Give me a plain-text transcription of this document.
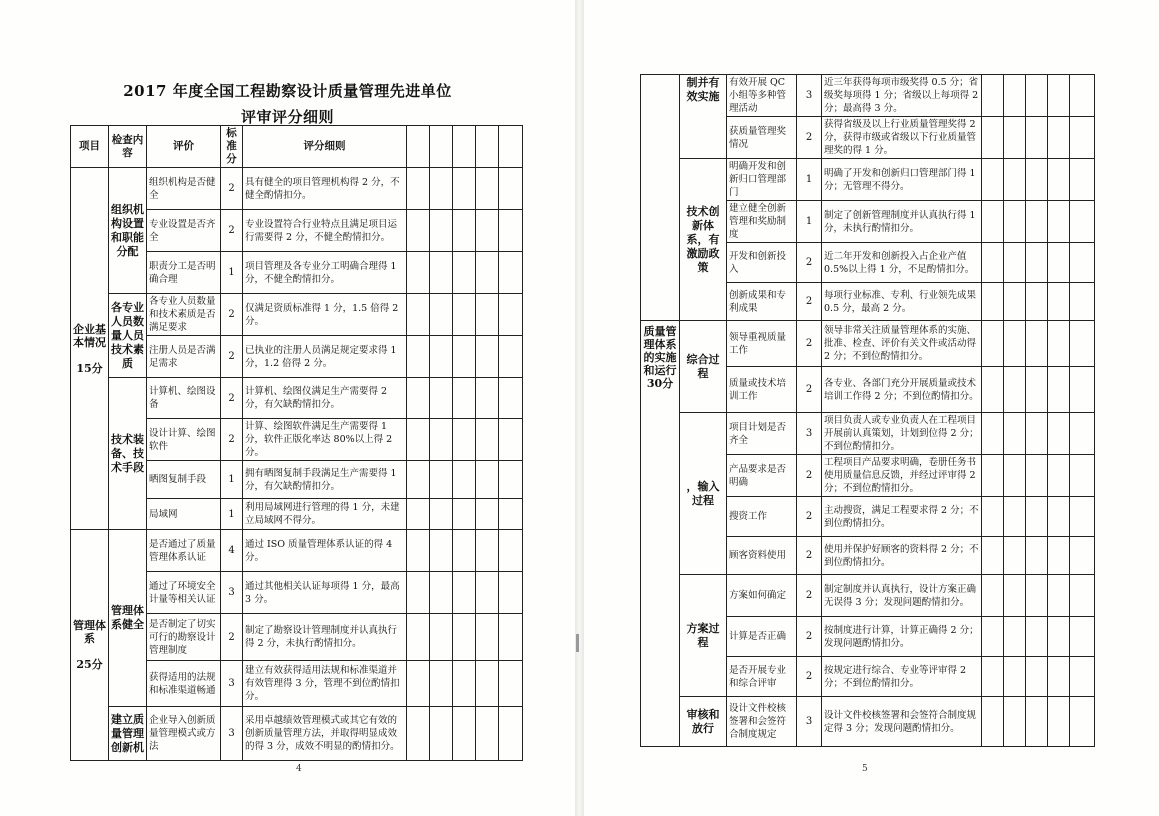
2017 年度全国工程勘察设计质量管理先进单位
评审评分细则
项目	检查内容	评价	标准分	评分细则					
企业基本情况

15分	组织机构设置和职能分配	组织机构是否健全	2	具有健全的项目管理机构得 2 分，不健全酌情扣分。					
		专业设置是否齐全	2	专业设置符合行业特点且满足项目运行需要得 2 分，不健全酌情扣分。					
		职责分工是否明确合理	1	项目管理及各专业分工明确合理得 1 分，不健全酌情扣分。					
	各专业人员数量人员技术素质	各专业人员数量和技术素质是否满足要求	2	仅满足资质标准得 1 分，1.5 倍得 2 分。					
		注册人员是否满足需求	2	已执业的注册人员满足规定要求得 1 分，1.2 倍得 2 分。					
	技术装备、技术手段	计算机、绘图设备	2	计算机、绘图仪满足生产需要得 2 分，有欠缺酌情扣分。					
		设计计算、绘图软件	2	计算、绘图软件满足生产需要得 1 分，软件正版化率达 80%以上得 2 分。					
		晒图复制手段	1	拥有晒图复制手段满足生产需要得 1 分，有欠缺酌情扣分。					
		局域网	1	利用局域网进行管理的得 1 分，未建立局域网不得分。					
管理体系

25分	管理体系健全	是否通过了质量管理体系认证	4	通过 ISO 质量管理体系认证的得 4 分。					
		通过了环境安全计量等相关认证	3	通过其他相关认证每项得 1 分，最高 3 分。					
		是否制定了切实可行的勘察设计管理制度	2	制定了勘察设计管理制度并认真执行得 2 分，未执行酌情扣分。					
		获得适用的法规和标准渠道畅通	3	建立有效获得适用法规和标准渠道并有效管理得 3 分，管理不到位酌情扣分。					
	建立质量管理创新机	企业导入创新质量管理模式或方法	3	采用卓越绩效管理模式或其它有效的创新质量管理方法，并取得明显成效的得 3 分，成效不明显的酌情扣分。					
4
	制并有效实施	有效开展 QC 小组等多种管理活动	3	近三年获得每项市级奖得 0.5 分；省级奖每项得 1 分；省级以上每项得 2 分；最高得 3 分。					
		获质量管理奖情况	2	获得省级及以上行业质量管理奖得 2 分，获得市级或省级以下行业质量管理奖的得 1 分。					
	技术创新体系，有激励政策	明确开发和创新归口管理部门	1	明确了开发和创新归口管理部门得 1 分；无管理不得分。					
		建立健全创新管理和奖励制度	1	制定了创新管理制度并认真执行得 1 分，未执行酌情扣分。					
		开发和创新投入	2	近二年开发和创新投入占企业产值 0.5%以上得 1 分，不足酌情扣分。					
		创新成果和专利成果	2	每项行业标准、专利、行业领先成果 0.5 分，最高 2 分。					
质量管理体系的实施和运行
30分	综合过程	领导重视质量工作	2	领导非常关注质量管理体系的实施、批准、检查、评价有关文件或活动得 2 分；不到位酌情扣分。					
		质量或技术培训工作	2	各专业、各部门充分开展质量或技术培训工作得 2 分；不到位酌情扣分。					
	，输入过程	项目计划是否齐全	3	项目负责人或专业负责人在工程项目开展前认真策划，计划到位得 2 分；不到位酌情扣分。					
		产品要求是否明确	2	工程项目产品要求明确，卷册任务书使用质量信息反馈，并经过评审得 2 分；不到位酌情扣分。					
		搜资工作	2	主动搜资，满足工程要求得 2 分；不到位酌情扣分。					
		顾客资料使用	2	使用并保护好顾客的资料得 2 分；不到位酌情扣分。					
	方案过程	方案如何确定	2	制定制度并认真执行，设计方案正确无误得 3 分；发现问题酌情扣分。					
		计算是否正确	2	按制度进行计算，计算正确得 2 分；发现问题酌情扣分。					
		是否开展专业和综合评审	2	按规定进行综合、专业等评审得 2 分；不到位酌情扣分。					
	审核和放行	设计文件校核签署和会签符合制度规定	3	设计文件校核签署和会签符合制度规定得 3 分；发现问题酌情扣分。					
5
